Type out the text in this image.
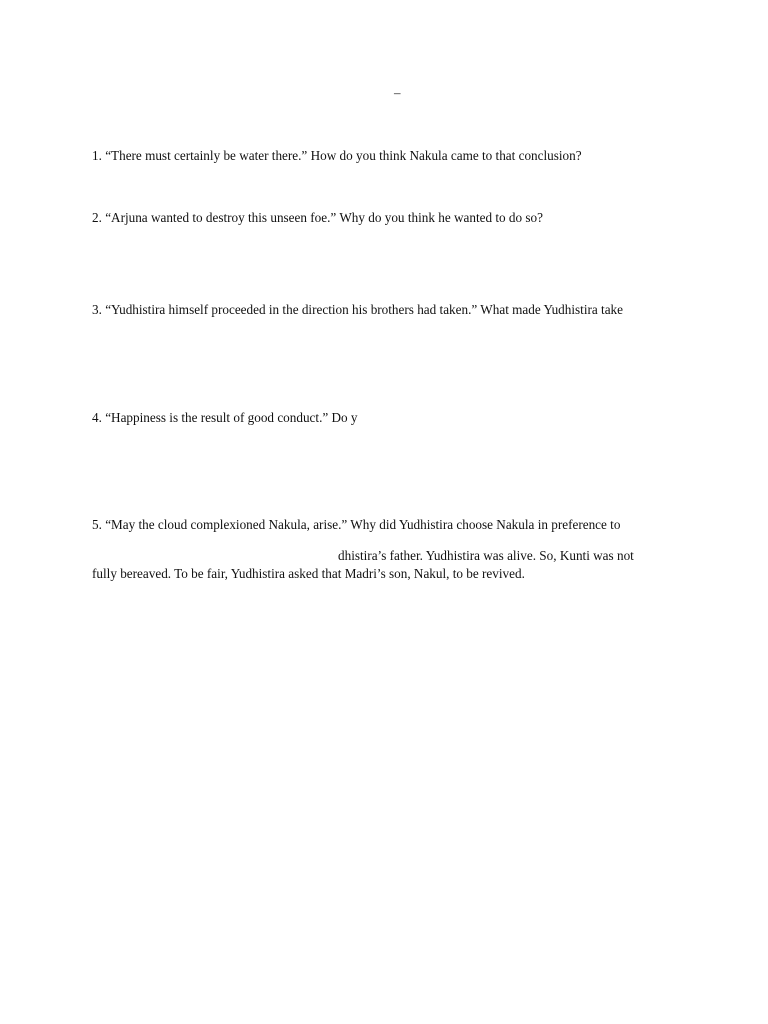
–
1. “There must certainly be water there.” How do you think Nakula came to that conclusion?
2. “Arjuna wanted to destroy this unseen foe.” Why do you think he wanted to do so?
3. “Yudhistira himself proceeded in the direction his brothers had taken.” What made Yudhistira take
4. “Happiness is the result of good conduct.” Do y
5. “May the cloud complexioned Nakula, arise.” Why did Yudhistira choose Nakula in preference to
dhistira’s father. Yudhistira was alive. So, Kunti was not
fully bereaved. To be fair, Yudhistira asked that Madri’s son, Nakul, to be revived.
